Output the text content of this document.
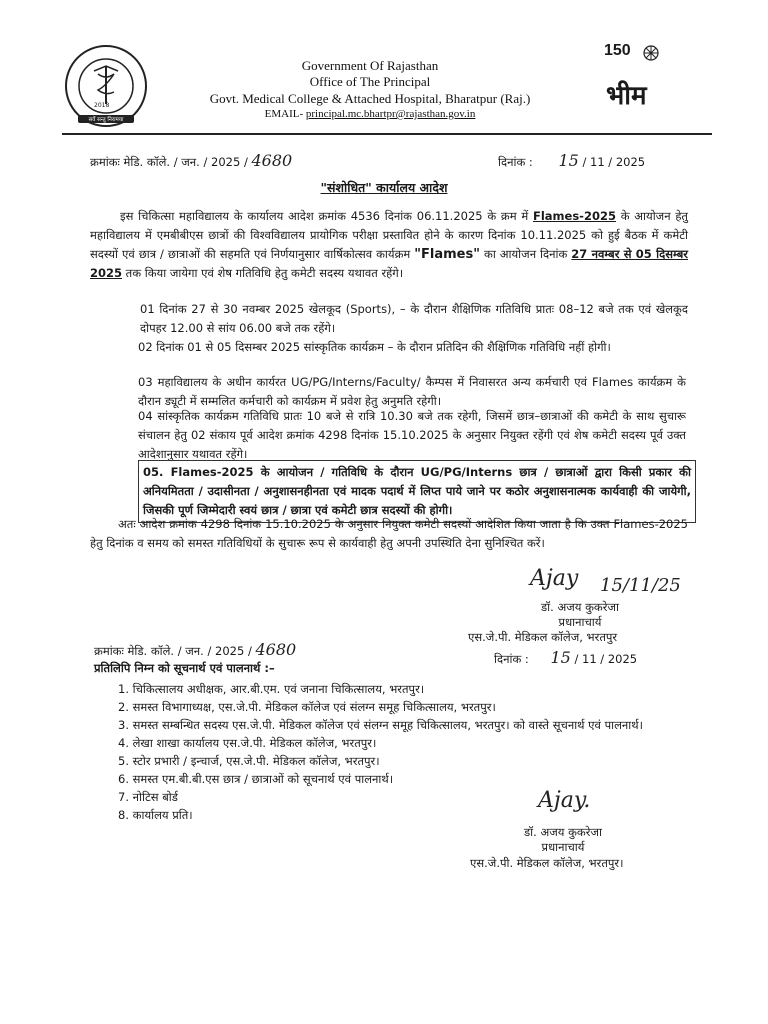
2018
सर्वे सन्तु निरामया
Government Of Rajasthan
Office of The Principal
Govt. Medical College & Attached Hospital, Bharatpur (Raj.)
EMAIL- principal.mc.bhartpr@rajasthan.gov.in
150
भीम
क्रमांकः मेडि. कॉले. / जन. / 2025 / 4680	दिनांक : 15 / 11 / 2025
"संशोधित" कार्यालय आदेश
इस चिकित्सा महाविद्यालय के कार्यालय आदेश क्रमांक 4536 दिनांक 06.11.2025 के क्रम में Flames-2025 के आयोजन हेतु महाविद्यालय में एमबीबीएस छात्रों की विश्वविद्यालय प्रायोगिक परीक्षा प्रस्तावित होने के कारण दिनांक 10.11.2025 को हुई बैठक में कमेटी सदस्यों एवं छात्र / छात्राओं की सहमति एवं निर्णयानुसार वार्षिकोत्सव कार्यक्रम "Flames" का आयोजन दिनांक 27 नवम्बर से 05 दिसम्बर 2025 तक किया जायेगा एवं शेष गतिविधि हेतु कमेटी सदस्य यथावत रहेंगे।
01 दिनांक 27 से 30 नवम्बर 2025 खेलकूद (Sports), – के दौरान शैक्षिणिक गतिविधि प्रातः 08–12 बजे तक एवं खेलकूद दोपहर 12.00 से सांय 06.00 बजे तक रहेंगे।
02 दिनांक 01 से 05 दिसम्बर 2025 सांस्कृतिक कार्यक्रम – के दौरान प्रतिदिन की शैक्षिणिक गतिविधि नहीं होगी।
03 महाविद्यालय के अधीन कार्यरत UG/PG/Interns/Faculty/ कैम्पस में निवासरत अन्य कर्मचारी एवं Flames कार्यक्रम के दौरान ड्यूटी में सम्मलित कर्मचारी को कार्यक्रम में प्रवेश हेतु अनुमति रहेगी।
04 सांस्कृतिक कार्यक्रम गतिविधि प्रातः 10 बजे से रात्रि 10.30 बजे तक रहेगी, जिसमें छात्र–छात्राओं की कमेटी के साथ सुचारू संचालन हेतु 02 संकाय पूर्व आदेश क्रमांक 4298 दिनांक 15.10.2025 के अनुसार नियुक्त रहेंगी एवं शेष कमेटी सदस्य पूर्व उक्त आदेशानुसार यथावत रहेंगे।
05. Flames-2025 के आयोजन / गतिविधि के दौरान UG/PG/Interns छात्र / छात्राओं द्वारा किसी प्रकार की अनियमितता / उदासीनता / अनुशासनहीनता एवं मादक पदार्थ में लिप्त पाये जाने पर कठोर अनुशासनात्मक कार्यवाही की जायेगी, जिसकी पूर्ण जिम्मेदारी स्वयं छात्र / छात्रा एवं कमेटी छात्र सदस्यों की होगी।
अतः आदेश क्रमांक 4298 दिनांक 15.10.2025 के अनुसार नियुक्त कमेटी सदस्यों आदेशित किया जाता है कि उक्त Flames-2025 हेतु दिनांक व समय को समस्त गतिविधियों के सुचारू रूप से कार्यवाही हेतु अपनी उपस्थिति देना सुनिश्चित करें।
Ajay 15/11/25
डॉ. अजय कुकरेजा
प्रधानाचार्य
एस.जे.पी. मेडिकल कॉलेज, भरतपुर
क्रमांकः मेडि. कॉले. / जन. / 2025 / 4680	दिनांक : 15 / 11 / 2025
प्रतिलिपि निम्न को सूचनार्थ एवं पालनार्थ :–
1. चिकित्सालय अधीक्षक, आर.बी.एम. एवं जनाना चिकित्सालय, भरतपुर।
2. समस्त विभागाध्यक्ष, एस.जे.पी. मेडिकल कॉलेज एवं संलग्न समूह चिकित्सालय, भरतपुर।
3. समस्त सम्बन्धित सदस्य एस.जे.पी. मेडिकल कॉलेज एवं संलग्न समूह चिकित्सालय, भरतपुर। को वास्ते सूचनार्थ एवं पालनार्थ।
4. लेखा शाखा कार्यालय एस.जे.पी. मेडिकल कॉलेज, भरतपुर।
5. स्टोर प्रभारी / इन्चार्ज, एस.जे.पी. मेडिकल कॉलेज, भरतपुर।
6. समस्त एम.बी.बी.एस छात्र / छात्राओं को सूचनार्थ एवं पालनार्थ।
7. नोटिस बोर्ड
8. कार्यालय प्रति।
Ajay.
डॉ. अजय कुकरेजा
प्रधानाचार्य
एस.जे.पी. मेडिकल कॉलेज, भरतपुर।
